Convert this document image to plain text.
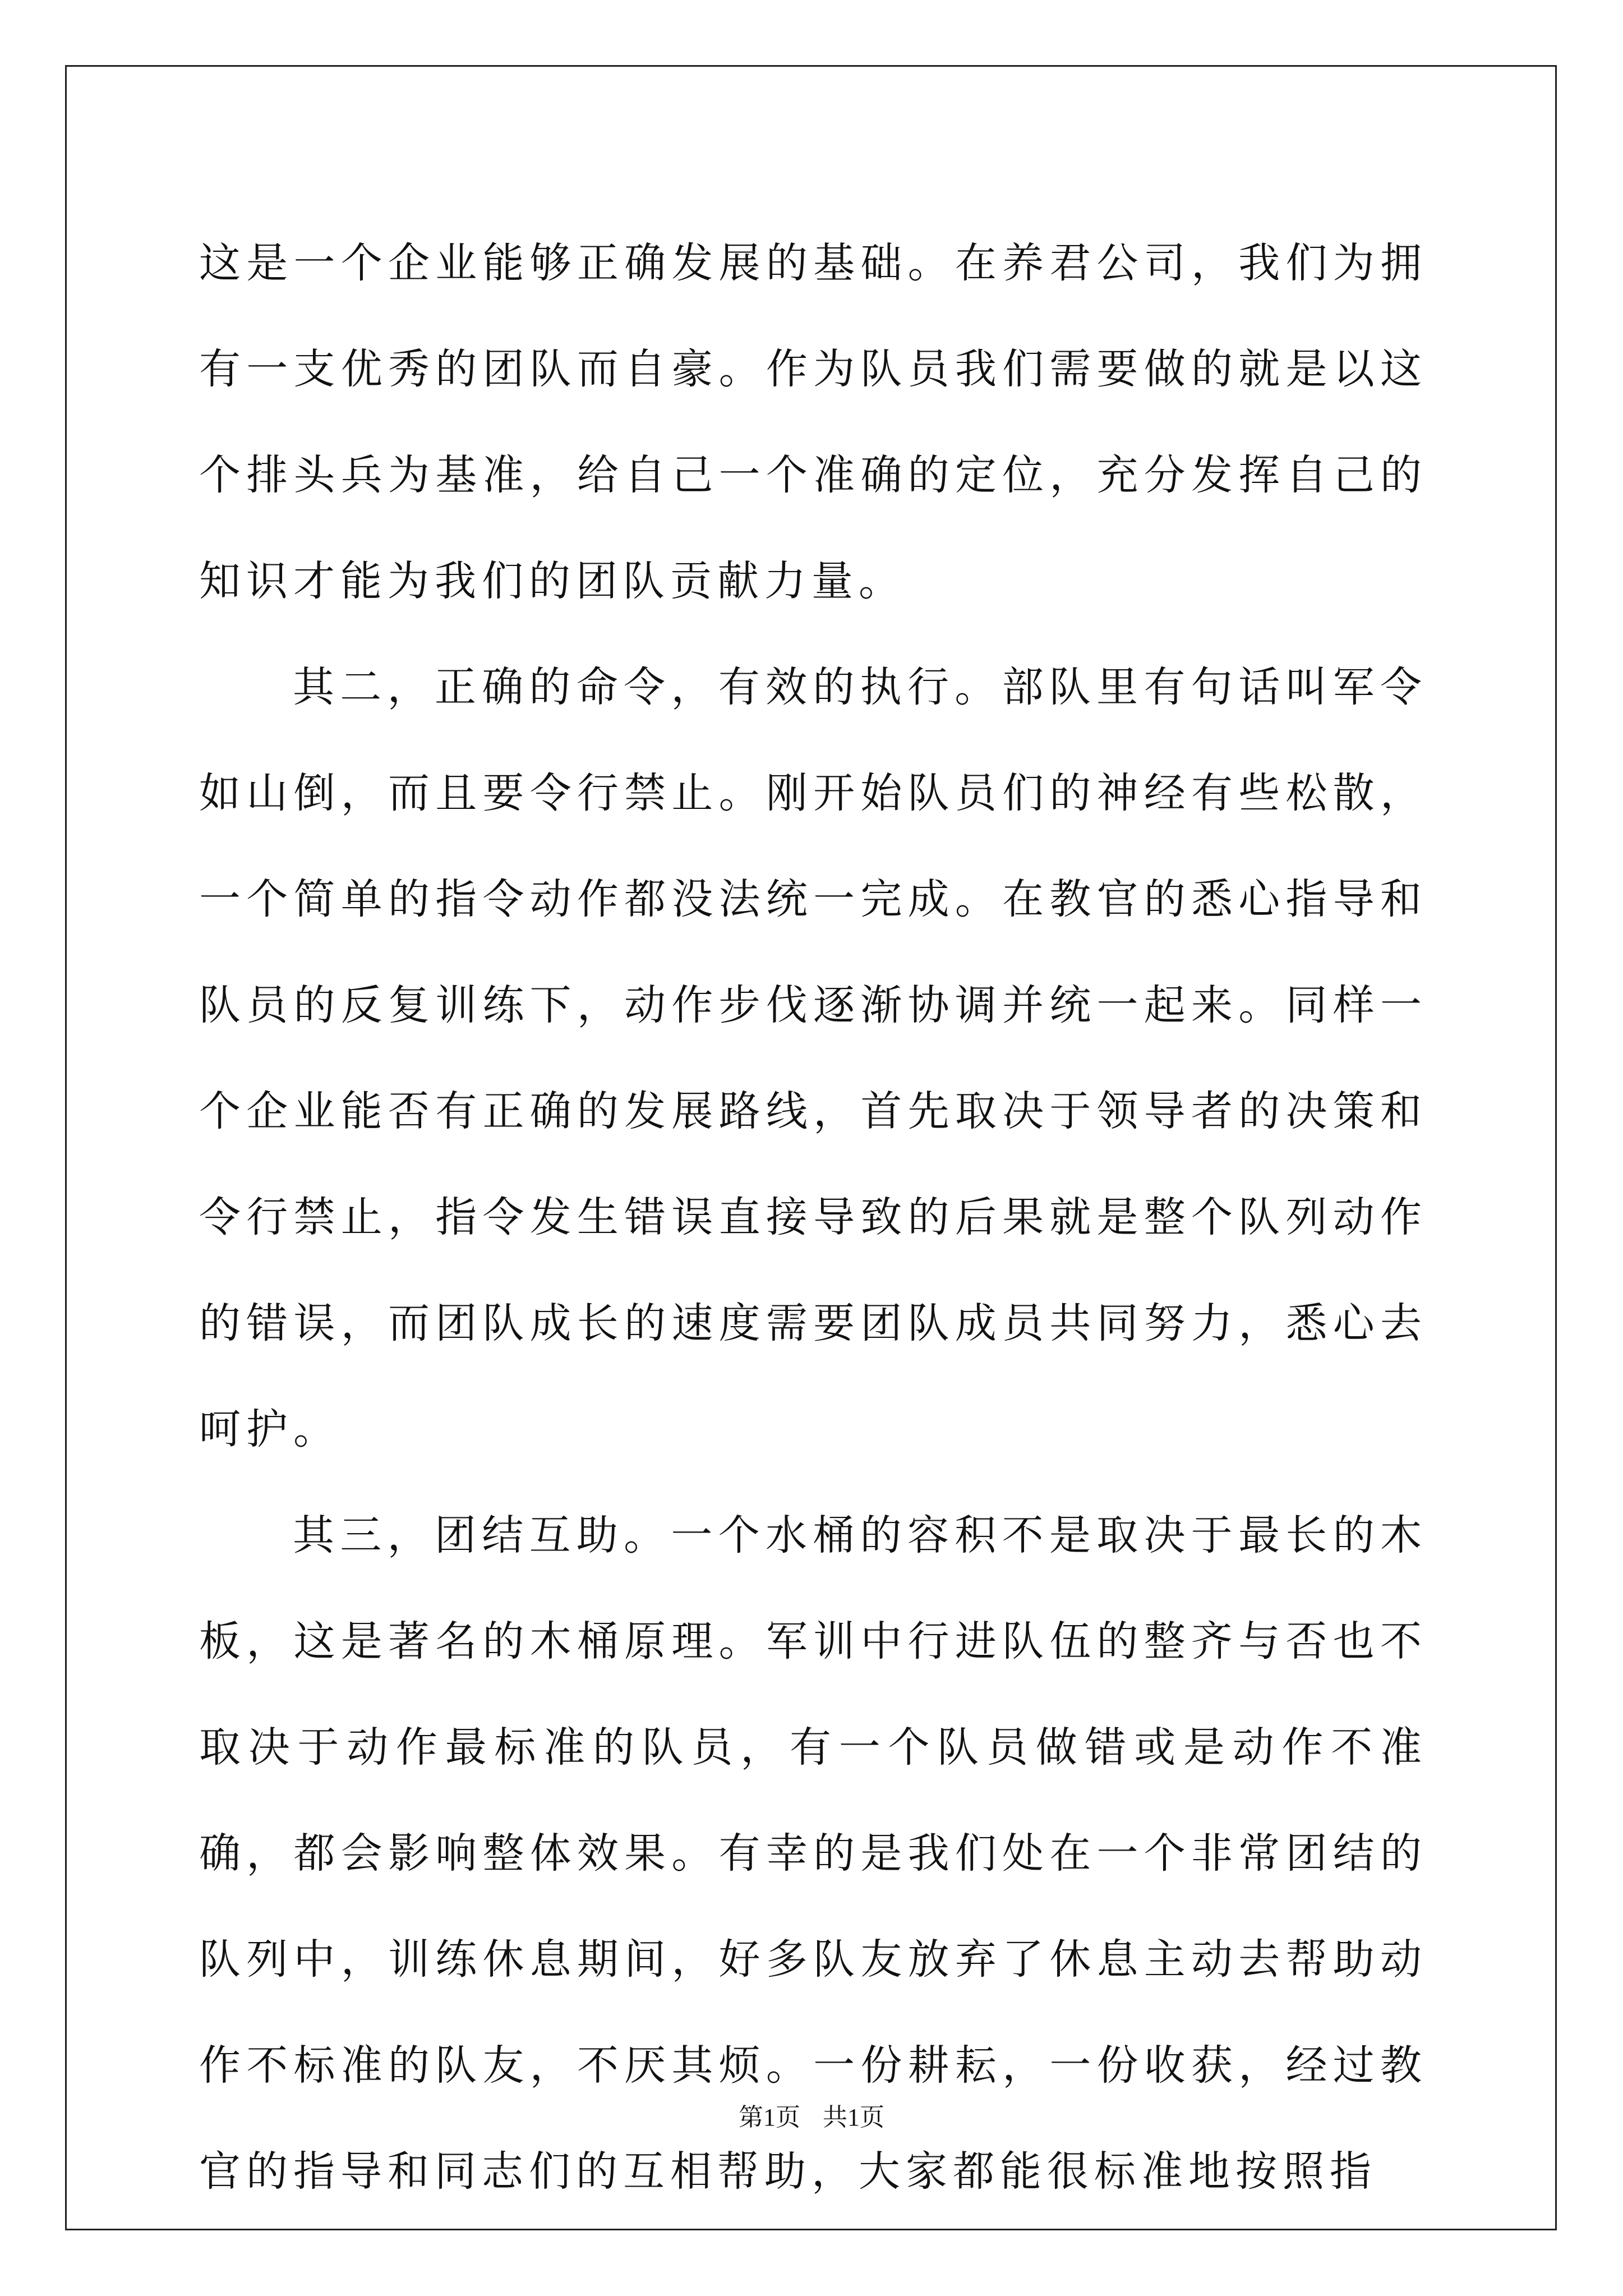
这是一个企业能够正确发展的基础。在养君公司，我们为拥有一支优秀的团队而自豪。作为队员我们需要做的就是以这个排头兵为基准，给自己一个准确的定位，充分发挥自己的知识才能为我们的团队贡献力量。

其二，正确的命令，有效的执行。部队里有句话叫军令如山倒，而且要令行禁止。刚开始队员们的神经有些松散，一个简单的指令动作都没法统一完成。在教官的悉心指导和队员的反复训练下，动作步伐逐渐协调并统一起来。同样一个企业能否有正确的发展路线，首先取决于领导者的决策和令行禁止，指令发生错误直接导致的后果就是整个队列动作的错误，而团队成长的速度需要团队成员共同努力，悉心去呵护。

其三，团结互助。一个水桶的容积不是取决于最长的木板，这是著名的木桶原理。军训中行进队伍的整齐与否也不取决于动作最标准的队员，有一个队员做错或是动作不准确，都会影响整体效果。有幸的是我们处在一个非常团结的队列中，训练休息期间，好多队友放弃了休息主动去帮助动作不标准的队友，不厌其烦。一份耕耘，一份收获，经过教官的指导和同志们的互相帮助，大家都能很标准地按照指

第1页 共1页
